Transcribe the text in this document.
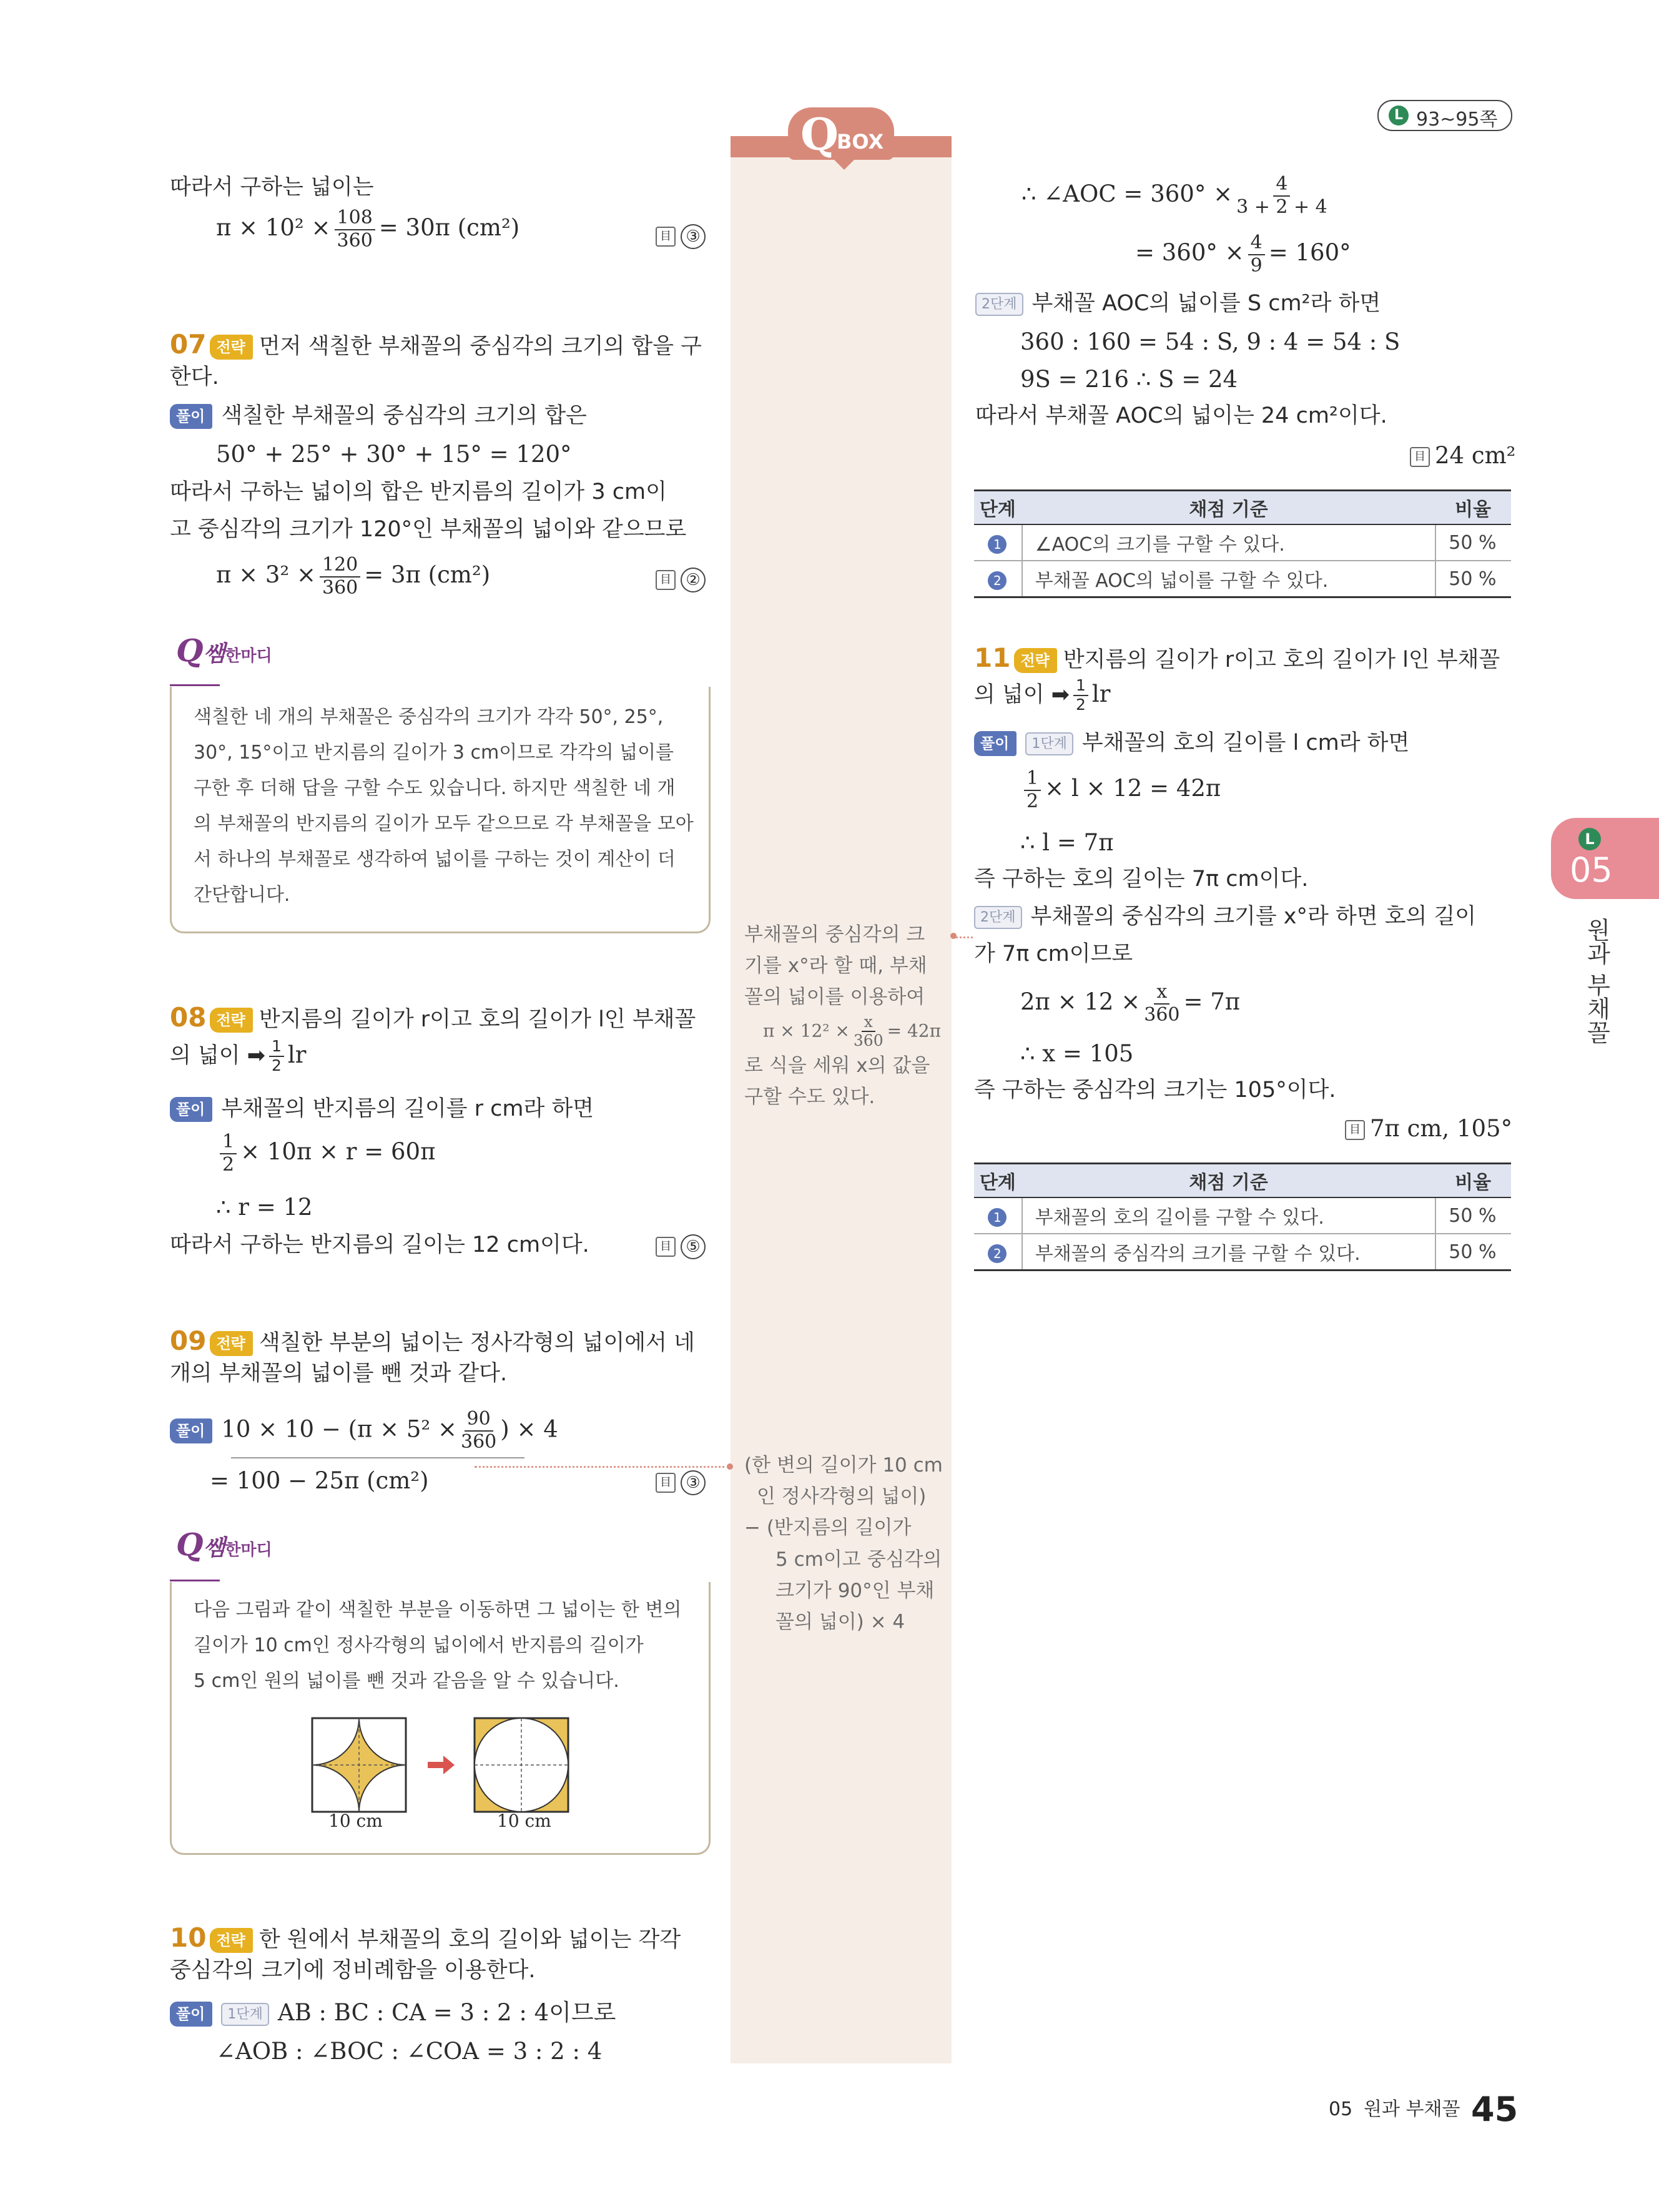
L 93~95쪽
Q
BOX
따라서 구하는 넓이는
$\pi \times 10^2 \times \frac{108}{360} = 30\pi$ (cm²)	目 ③
07 전략 먼저 색칠한 부채꼴의 중심각의 크기의 합을 구
한다.
풀이 색칠한 부채꼴의 중심각의 크기의 합은
50° + 25° + 30° + 15° = 120°
따라서 구하는 넓이의 합은 반지름의 길이가 3 cm이
고 중심각의 크기가 120°인 부채꼴의 넓이와 같으므로
$\pi \times 3^2 \times \frac{120}{360} = 3\pi$ (cm²)	目 ②
Q쌤한마디
색칠한 네 개의 부채꼴은 중심각의 크기가 각각 50°, 25°,
30°, 15°이고 반지름의 길이가 3 cm이므로 각각의 넓이를
구한 후 더해 답을 구할 수도 있습니다. 하지만 색칠한 네 개
의 부채꼴의 반지름의 길이가 모두 같으므로 각 부채꼴을 모아
서 하나의 부채꼴로 생각하여 넓이를 구하는 것이 계산이 더
간단합니다.
08 전략 반지름의 길이가 r이고 호의 길이가 l인 부채꼴
의 넓이 ➡ $\frac{1}{2}$ lr
풀이 부채꼴의 반지름의 길이를 r cm라 하면
$\frac{1}{2} \times 10\pi \times r = 60\pi$
∴ r = 12
따라서 구하는 반지름의 길이는 12 cm이다.	目 ⑤
09 전략 색칠한 부분의 넓이는 정사각형의 넓이에서 네
개의 부채꼴의 넓이를 뺀 것과 같다.
풀이 $10 \times 10 - (\pi \times 5^2 \times \frac{90}{360}$ ) × 4
= 100 − 25π (cm²)	目 ③
Q쌤한마디
다음 그림과 같이 색칠한 부분을 이동하면 그 넓이는 한 변의
길이가 10 cm인 정사각형의 넓이에서 반지름의 길이가
5 cm인 원의 넓이를 뺀 것과 같음을 알 수 있습니다.
10 cm	10 cm
10 전략 한 원에서 부채꼴의 호의 길이와 넓이는 각각
중심각의 크기에 정비례함을 이용한다.
풀이 1단계 AB : BC : CA = 3 : 2 : 4이므로
∠AOB : ∠BOC : ∠COA = 3 : 2 : 4
부채꼴의 중심각의 크
기를 x°라 할 때, 부채
꼴의 넓이를 이용하여
$\pi \times 12^2 \times \frac{x}{360} = 42\pi$
로 식을 세워 x의 값을
구할 수도 있다.
(한 변의 길이가 10 cm
인 정사각형의 넓이)
− (반지름의 길이가
5 cm이고 중심각의
크기가 90°인 부채
꼴의 넓이) × 4
∴ ∠AOC = $360^\circ \times \frac{4}{3 + 2 + 4}$
= $360^\circ \times \frac{4}{9} = 160^\circ$
2단계 부채꼴 AOC의 넓이를 S cm²라 하면
360 : 160 = 54 : S, 9 : 4 = 54 : S
9S = 216 ∴ S = 24
따라서 부채꼴 AOC의 넓이는 24 cm²이다.
目 24 cm²
단계	채점 기준	비율
1	∠AOC의 크기를 구할 수 있다.	50 %
2	부채꼴 AOC의 넓이를 구할 수 있다.	50 %
11 전략 반지름의 길이가 r이고 호의 길이가 l인 부채꼴
의 넓이 ➡ $\frac{1}{2}$ lr
풀이 1단계 부채꼴의 호의 길이를 l cm라 하면
$\frac{1}{2} \times l \times 12 = 42\pi$
∴ l = 7π
즉 구하는 호의 길이는 7π cm이다.
2단계 부채꼴의 중심각의 크기를 x°라 하면 호의 길이
가 7π cm이므로
$2\pi \times 12 \times \frac{x}{360} = 7\pi$
∴ x = 105
즉 구하는 중심각의 크기는 105°이다.
目 7π cm, 105°
단계	채점 기준	비율
1	부채꼴의 호의 길이를 구할 수 있다.	50 %
2	부채꼴의 중심각의 크기를 구할 수 있다.	50 %
L
05
원과 부채꼴
05 원과 부채꼴 45
